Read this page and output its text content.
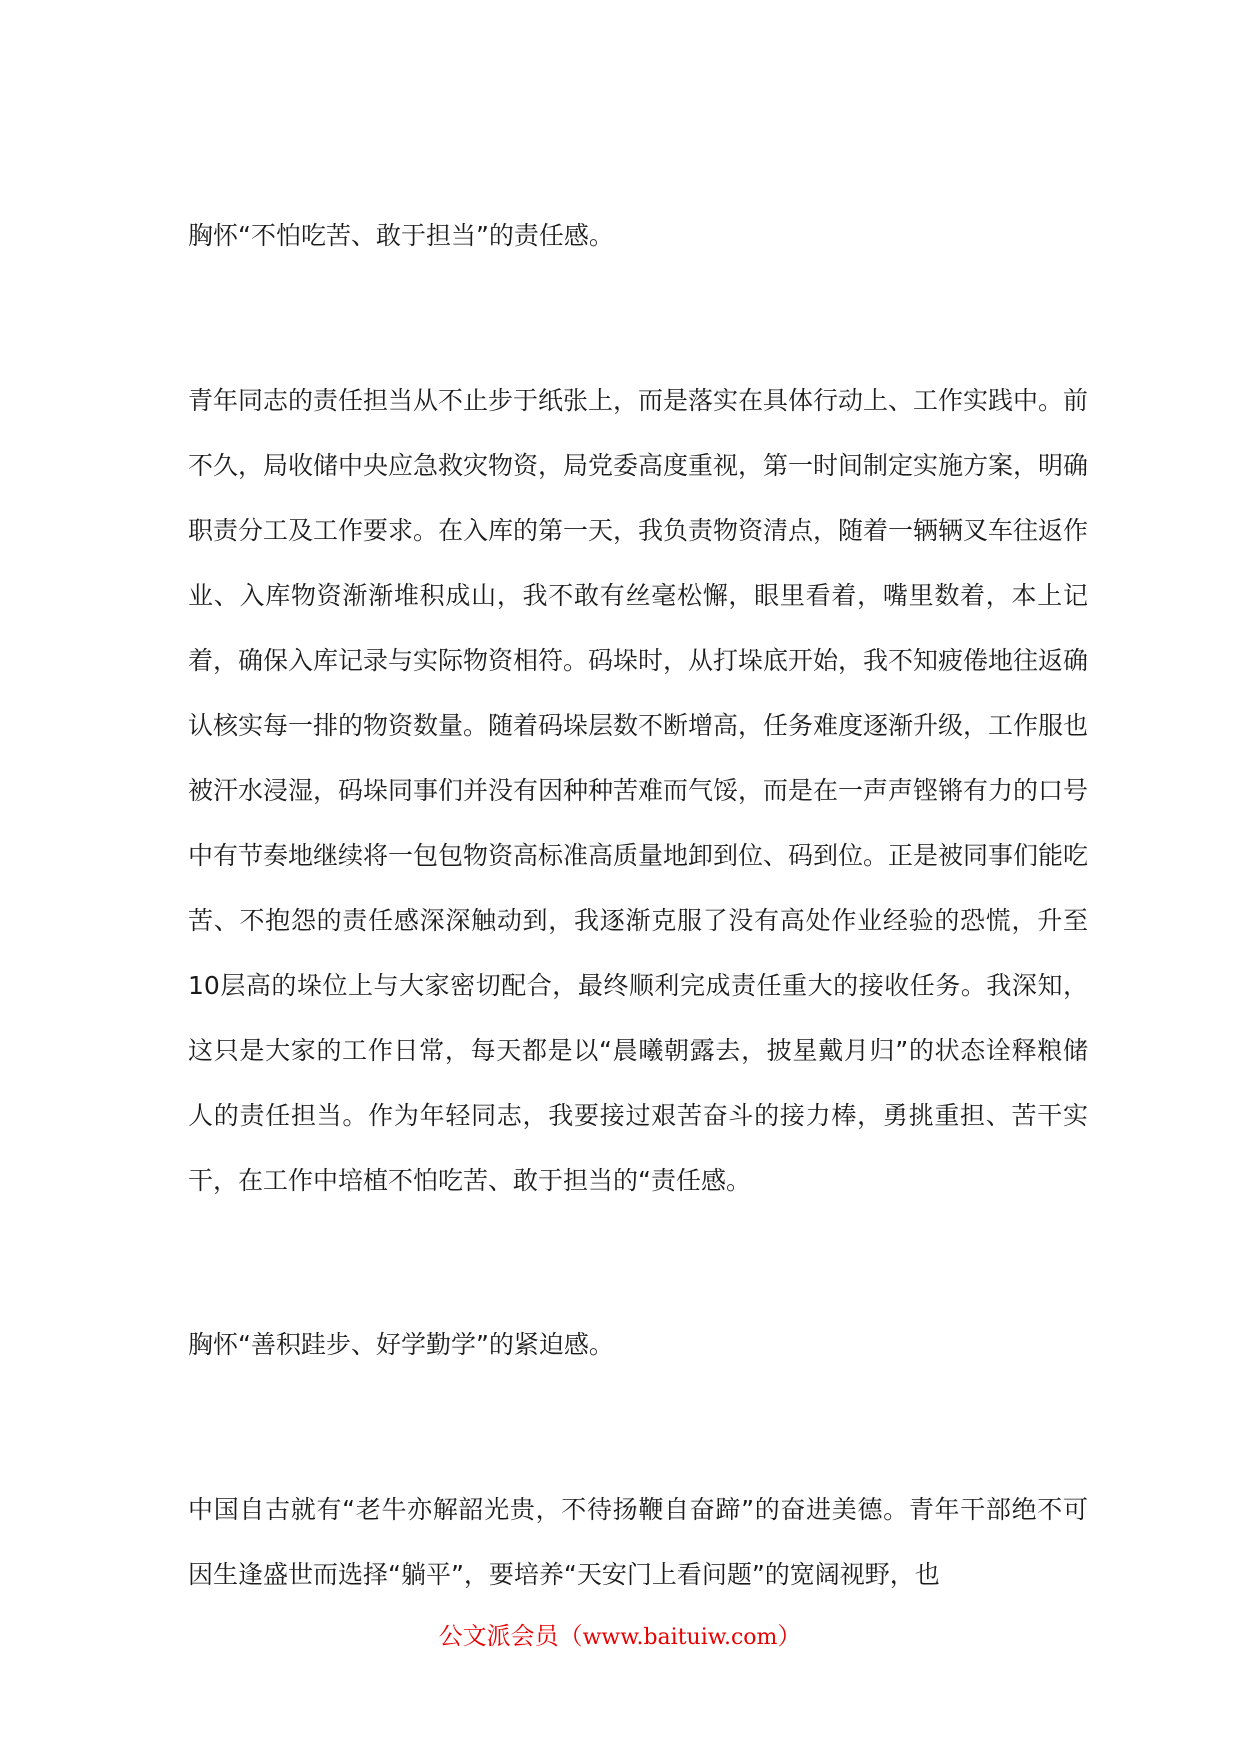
胸怀“不怕吃苦、敢于担当”的责任感。

青年同志的责任担当从不止步于纸张上，而是落实在具体行动上、工作实践中。前不久，局收储中央应急救灾物资，局党委高度重视，第一时间制定实施方案，明确职责分工及工作要求。在入库的第一天，我负责物资清点，随着一辆辆叉车往返作业、入库物资渐渐堆积成山，我不敢有丝毫松懈，眼里看着，嘴里数着，本上记着，确保入库记录与实际物资相符。码垛时，从打垛底开始，我不知疲倦地往返确认核实每一排的物资数量。随着码垛层数不断增高，任务难度逐渐升级，工作服也被汗水浸湿，码垛同事们并没有因种种苦难而气馁，而是在一声声铿锵有力的口号中有节奏地继续将一包包物资高标准高质量地卸到位、码到位。正是被同事们能吃苦、不抱怨的责任感深深触动到，我逐渐克服了没有高处作业经验的恐慌，升至10层高的垛位上与大家密切配合，最终顺利完成责任重大的接收任务。我深知，这只是大家的工作日常，每天都是以“晨曦朝露去，披星戴月归”的状态诠释粮储人的责任担当。作为年轻同志，我要接过艰苦奋斗的接力棒，勇挑重担、苦干实干，在工作中培植不怕吃苦、敢于担当的“责任感。

胸怀“善积跬步、好学勤学”的紧迫感。

中国自古就有“老牛亦解韶光贵，不待扬鞭自奋蹄”的奋进美德。青年干部绝不可因生逢盛世而选择“躺平”，要培养“天安门上看问题”的宽阔视野，也

公文派会员（www.baituiw.com）
